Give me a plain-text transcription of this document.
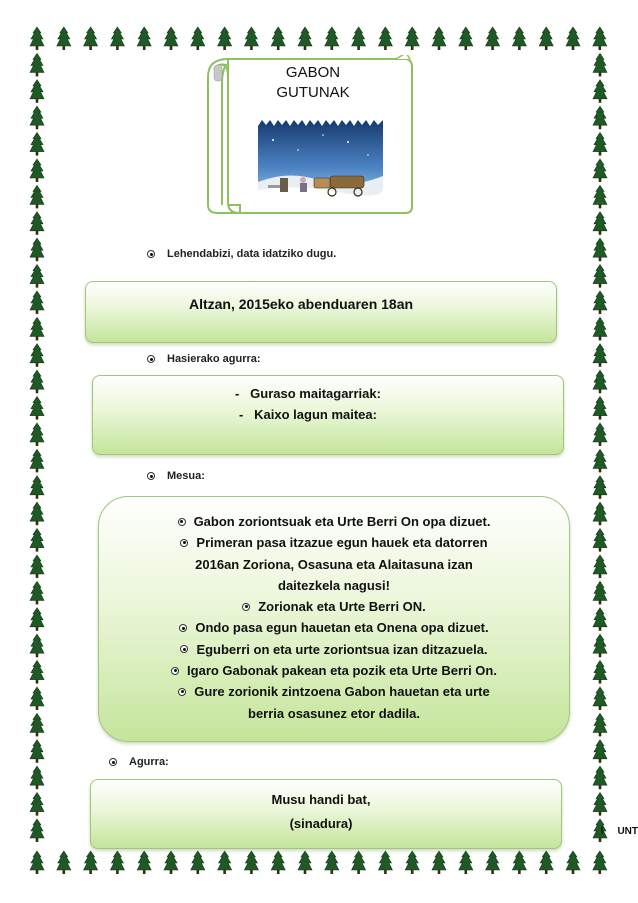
GABON
GUTUNAK
Lehendabizi, data idatziko dugu.
Altzan, 2015eko abenduaren 18an
Hasierako agurra:
-   Guraso maitagarriak:
-   Kaixo lagun maitea:
Mesua:
Gabon zoriontsuak eta Urte Berri On opa dizuet.
Primeran pasa itzazue egun hauek eta datorren
2016an Zoriona, Osasuna eta Alaitasuna izan
daitezkela nagusi!
Zorionak eta Urte Berri ON.
Ondo pasa egun hauetan eta Onena opa dizuet.
Eguberri on eta urte zoriontsua izan ditzazuela.
Igaro Gabonak pakean eta pozik eta Urte Berri On.
Gure zorionik zintzoena Gabon hauetan eta urte
berria osasunez etor dadila.
Agurra:
Musu handi bat,
(sinadura)
l UNT
